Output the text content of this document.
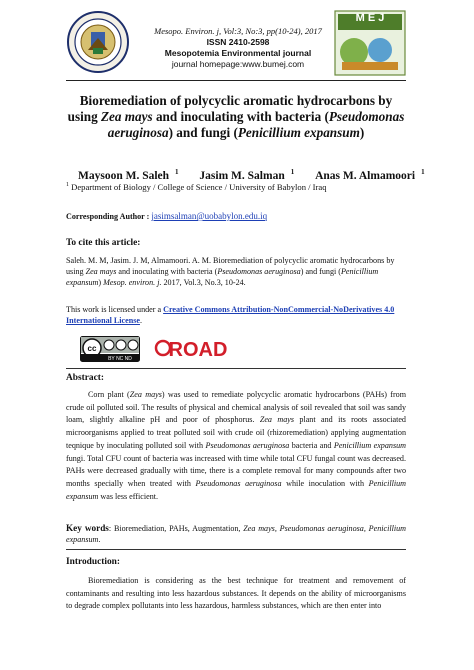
Mesopo. Environ. j, Vol:3, No:3, pp(10-24), 2017
ISSN 2410-2598
Mesopotemia Environmental journal
journal homepage:www.bumej.com
M E J
Bioremediation of polycyclic aromatic hydrocarbons by
using Zea mays and inoculating with bacteria (Pseudomonas
aeruginosa) and fungi (Penicillium expansum)
Maysoon M. Saleh $^1$ Jasim M. Salman $^1$ Anas M. Almamoori $^1$
$^1$ Department of Biology / College of Science / University of Babylon / Iraq
Corresponding Author : jasimsalman@uobabylon.edu.iq
To cite this article:
Saleh. M. M, Jasim. J. M, Almamoori. A. M. Bioremediation of polycyclic aromatic hydrocarbons by using Zea mays and inoculating with bacteria (Pseudomonas aeruginosa) and fungi (Penicillium expansum) Mesop. environ. j. 2017, Vol.3, No.3, 10-24.
This work is licensed under a Creative Commons Attribution-NonCommercial-NoDerivatives 4.0 International License.
cc
BY NC ND ROAD
Abstract:
Corn plant (Zea mays) was used to remediate polycyclic aromatic hydrocarbons (PAHs) from crude oil polluted soil. The results of physical and chemical analysis of soil revealed that soil was sandy loam, slightly alkaline pH and poor of phosphorus. Zea mays plant and its roots associated microorganisms applied to treat polluted soil with crude oil (rhizoremediation) applying augmentation teqnique by inoculating polluted soil with Pseudomonas aeruginosa bacteria and Penicillium expansum fungi. Total CFU count of bacteria was increased with time while total CFU fungal count was decreased. PAHs were decreased gradually with time, there is a complete removal for many compounds after two months specially when treated with Pseudomonas aeruginosa while inoculation with Penicillium expansum was less efficient.
Key words: Bioremediation, PAHs, Augmentation, Zea mays, Pseudomonas aeruginosa, Penicillium expansum.
Introduction:
Bioremediation is considering as the best technique for treatment and removement of contaminants and resulting into less hazardous substances. It depends on the ability of microorganisms to degrade complex pollutants into less hazardous, harmless substances, which are then enter into
